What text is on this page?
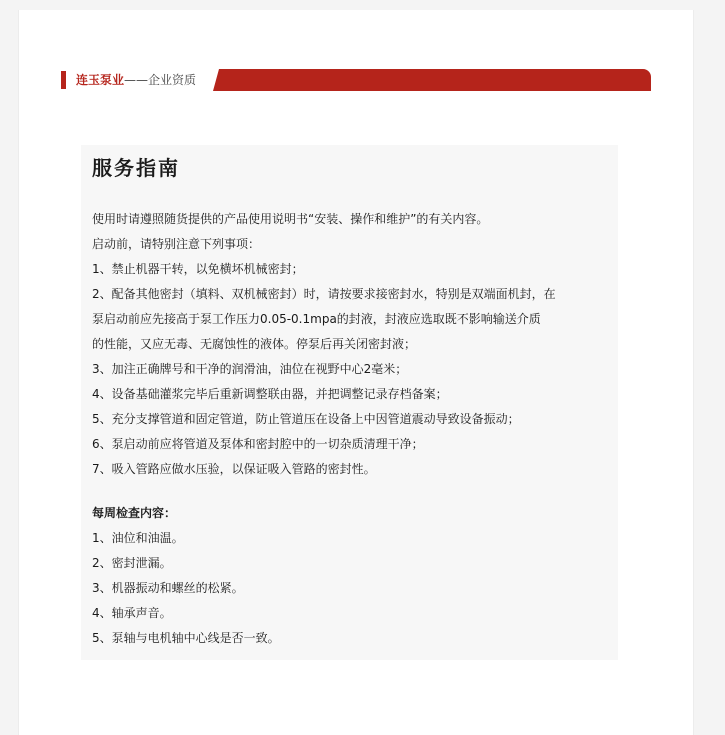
连玉泵业——企业资质
服务指南
使用时请遵照随货提供的产品使用说明书“安装、操作和维护”的有关内容。
启动前，请特别注意下列事项：
1、禁止机器干转，以免横坏机械密封；
2、配备其他密封（填料、双机械密封）时，请按要求接密封水，特别是双端面机封，在
泵启动前应先接高于泵工作压力0.05-0.1mpa的封液，封液应选取既不影响输送介质
的性能，又应无毒、无腐蚀性的液体。停泵后再关闭密封液；
3、加注正确牌号和干净的润滑油，油位在视野中心2毫米；
4、设备基础灌浆完毕后重新调整联由器，并把调整记录存档备案；
5、充分支撑管道和固定管道，防止管道压在设备上中因管道震动导致设备振动；
6、泵启动前应将管道及泵体和密封腔中的一切杂质清理干净；
7、吸入管路应做水压验，以保证吸入管路的密封性。
每周检查内容：
1、油位和油温。
2、密封泄漏。
3、机器振动和螺丝的松紧。
4、轴承声音。
5、泵轴与电机轴中心线是否一致。
